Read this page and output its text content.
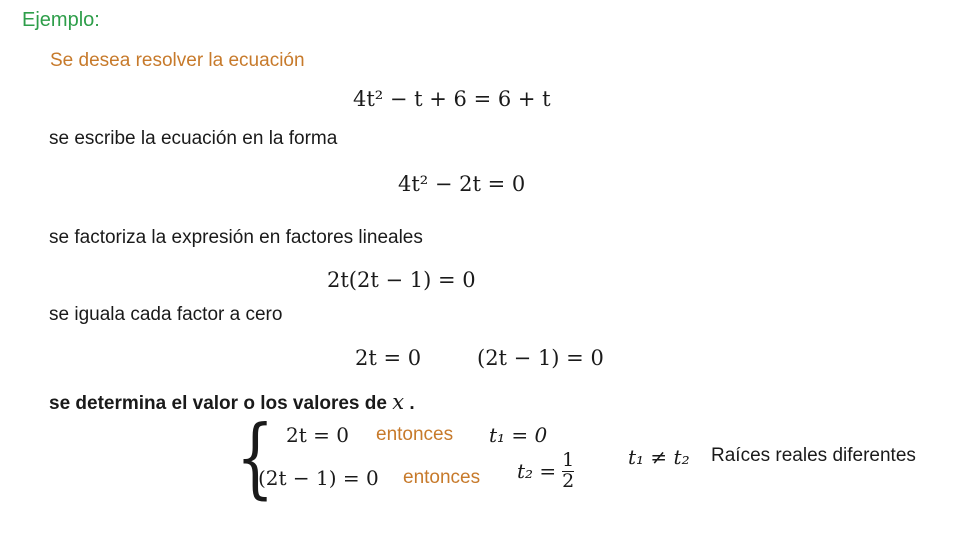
Ejemplo:
Se desea resolver la ecuación
4t² − t + 6 = 6 + t
se escribe la ecuación en la forma
4t² − 2t = 0
se factoriza la expresión en factores lineales
2t(2t − 1) = 0
se iguala cada factor a cero
2t = 0	(2t − 1) = 0
se determina el valor o los valores de x .
{ 2t = 0 entonces t₁ = 0
(2t − 1) = 0 entonces $t_2 = \frac{1}{2}$	t₁ ≠ t₂ Raíces reales diferentes
